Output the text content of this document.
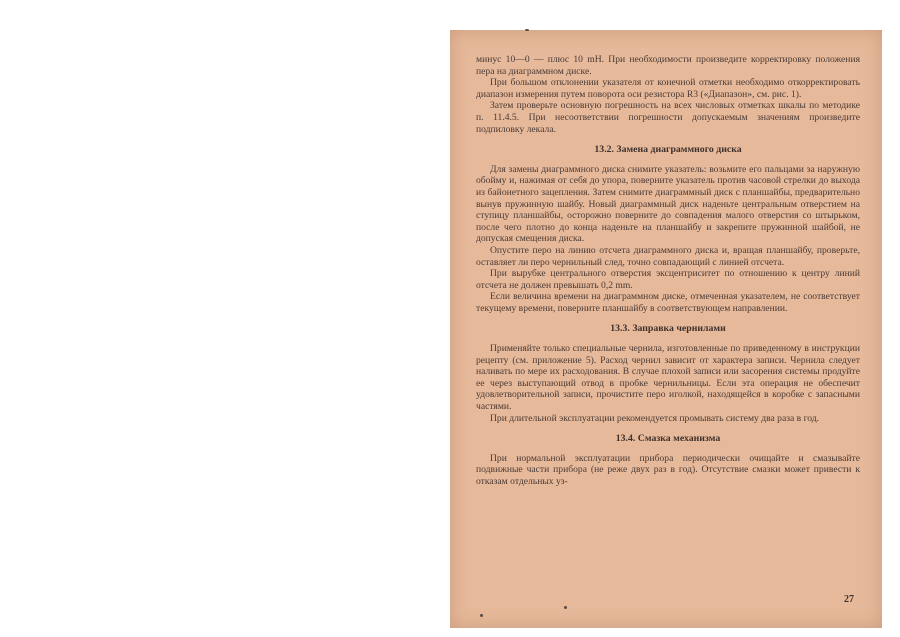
минус 10—0 — плюс 10 mH. При необходимости произведите корректировку положения пера на диаграммном диске.

При большом отклонении указателя от конечной отметки необходимо откорректировать диапазон измерения путем поворота оси резистора R3 («Диапазон», см. рис. 1).

Затем проверьте основную погрешность на всех числовых отметках шкалы по методике п. 11.4.5. При несоответствии погрешности допускаемым значениям произведите подпиловку лекала.

13.2. Замена диаграммного диска

Для замены диаграммного диска снимите указатель: возьмите его пальцами за наружную обойму и, нажимая от себя до упора, поверните указатель против часовой стрелки до выхода из байонетного зацепления. Затем снимите диаграммный диск с планшайбы, предварительно вынув пружинную шайбу. Новый диаграммный диск наденьте центральным отверстием на ступицу планшайбы, осторожно поверните до совпадения малого отверстия со штырьком, после чего плотно до конца наденьте на планшайбу и закрепите пружинной шайбой, не допуская смещения диска.

Опустите перо на линию отсчета диаграммного диска и, вращая планшайбу, проверьте, оставляет ли перо чернильный след, точно совпадающий с линией отсчета.

При вырубке центрального отверстия эксцентриситет по отношению к центру линий отсчета не должен превышать 0,2 mm.

Если величина времени на диаграммном диске, отмеченная указателем, не соответствует текущему времени, поверните планшайбу в соответствующем направлении.

13.3. Заправка чернилами

Применяйте только специальные чернила, изготовленные по приведенному в инструкции рецепту (см. приложение 5). Расход чернил зависит от характера записи. Чернила следует наливать по мере их расходования. В случае плохой записи или засорения системы продуйте ее через выступающий отвод в пробке чернильницы. Если эта операция не обеспечит удовлетворительной записи, прочистите перо иголкой, находящейся в коробке с запасными частями.

При длительной эксплуатации рекомендуется промывать систему два раза в год.

13.4. Смазка механизма

При нормальной эксплуатации прибора периодически очищайте и смазывайте подвижные части прибора (не реже двух раз в год). Отсутствие смазки может привести к отказам отдельных уз-

27
